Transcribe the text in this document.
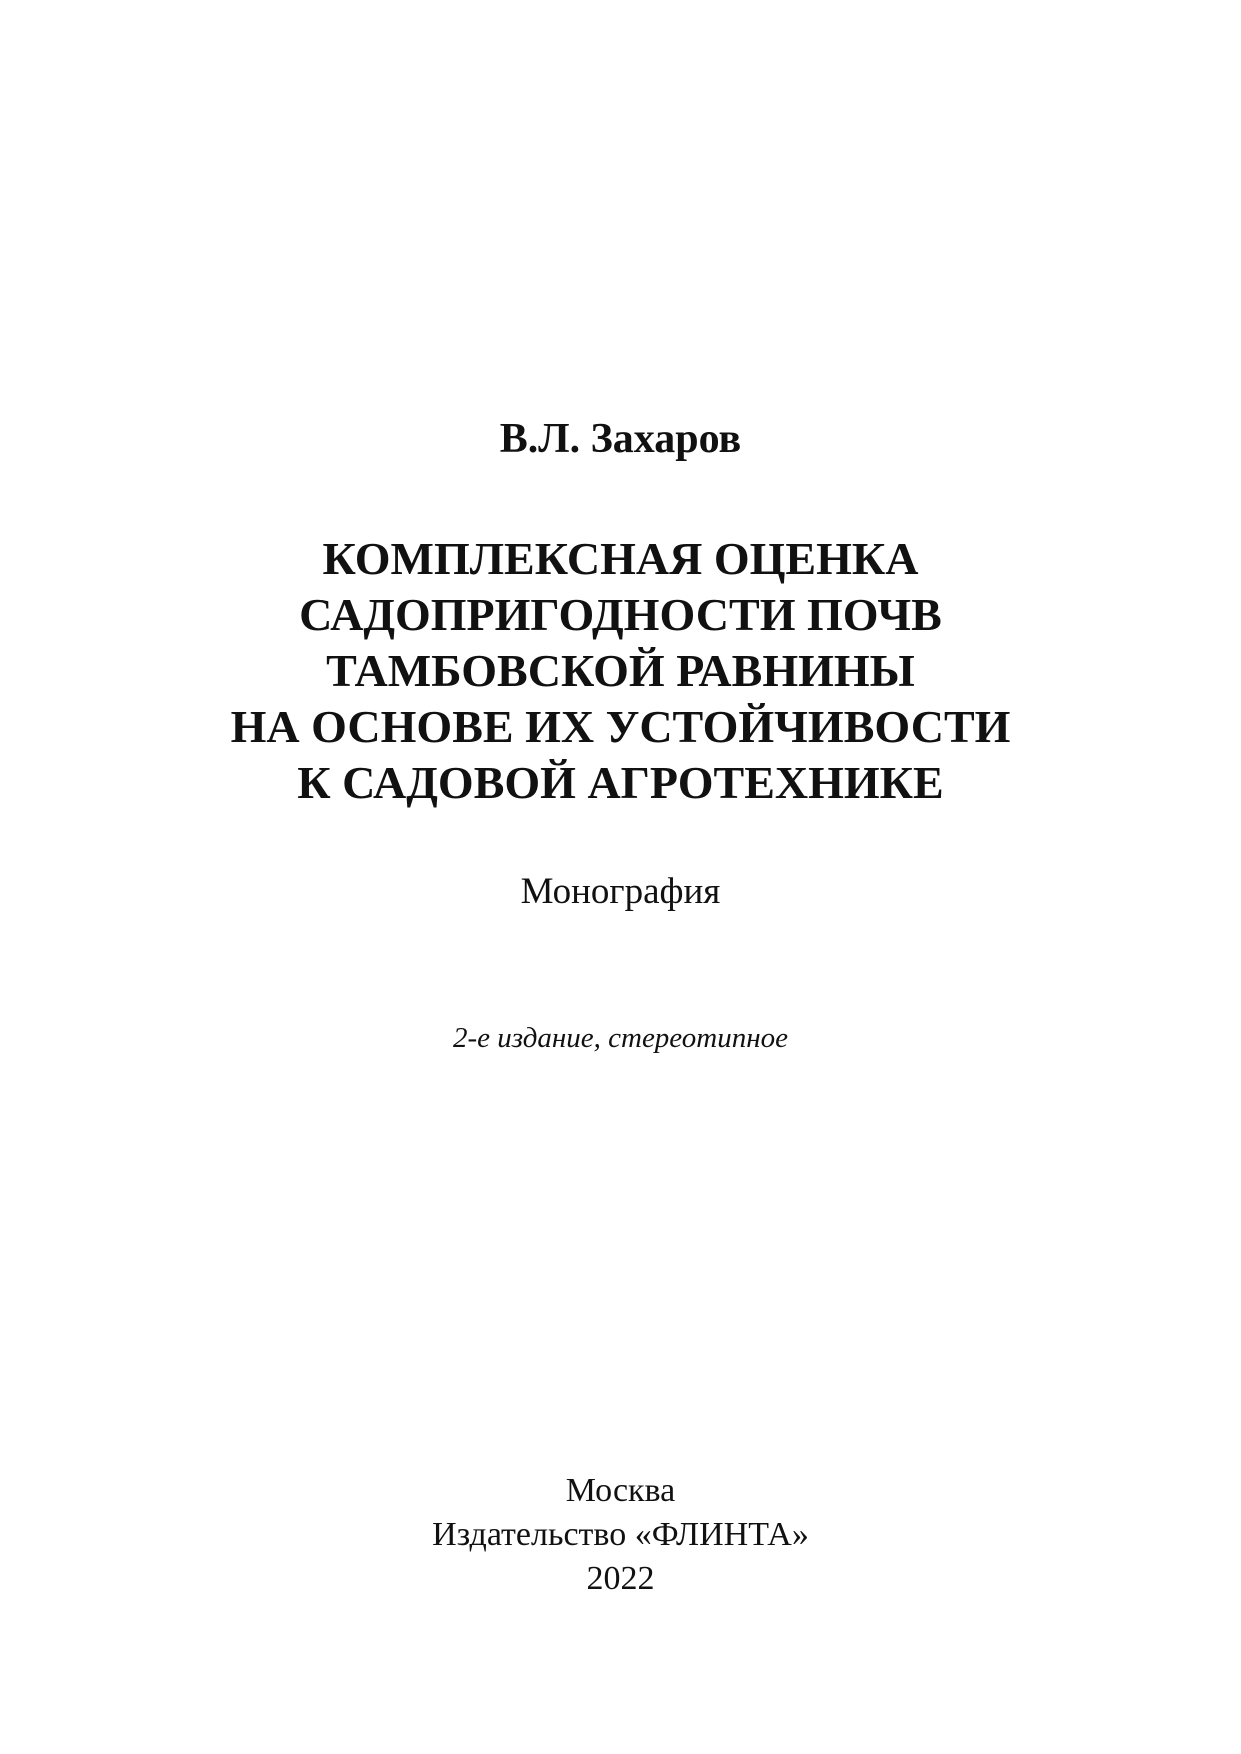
В.Л. Захаров

КОМПЛЕКСНАЯ ОЦЕНКА
САДОПРИГОДНОСТИ ПОЧВ
ТАМБОВСКОЙ РАВНИНЫ
НА ОСНОВЕ ИХ УСТОЙЧИВОСТИ
К САДОВОЙ АГРОТЕХНИКЕ

Монография

2-е издание, стереотипное

Москва
Издательство «ФЛИНТА»
2022
